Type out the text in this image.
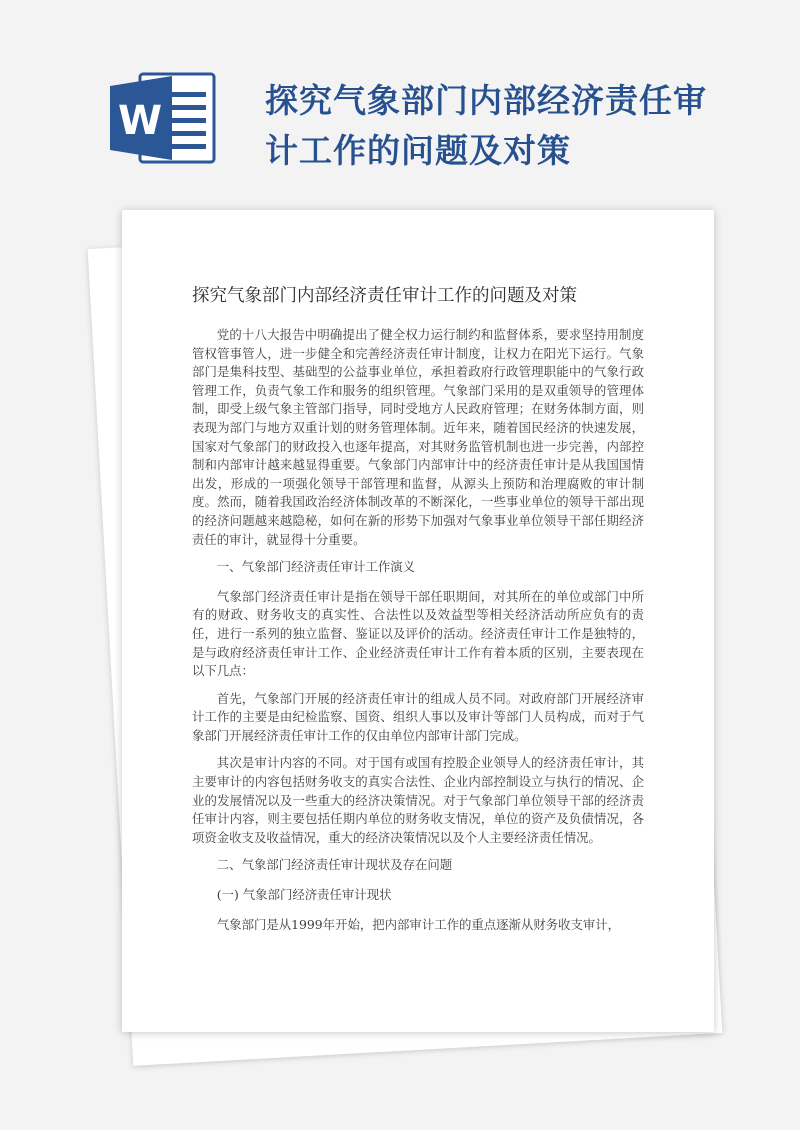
W	探究气象部门内部经济责任审
计工作的问题及对策
探究气象部门内部经济责任审计工作的问题及对策

党的十八大报告中明确提出了健全权力运行制约和监督体系，要求坚持用制度管权管事管人，进一步健全和完善经济责任审计制度，让权力在阳光下运行。气象部门是集科技型、基础型的公益事业单位，承担着政府行政管理职能中的气象行政管理工作，负责气象工作和服务的组织管理。气象部门采用的是双重领导的管理体制，即受上级气象主管部门指导，同时受地方人民政府管理；在财务体制方面，则表现为部门与地方双重计划的财务管理体制。近年来，随着国民经济的快速发展，国家对气象部门的财政投入也逐年提高，对其财务监管机制也进一步完善，内部控制和内部审计越来越显得重要。气象部门内部审计中的经济责任审计是从我国国情出发，形成的一项强化领导干部管理和监督，从源头上预防和治理腐败的审计制度。然而，随着我国政治经济体制改革的不断深化，一些事业单位的领导干部出现的经济问题越来越隐秘，如何在新的形势下加强对气象事业单位领导干部任期经济责任的审计，就显得十分重要。

一、气象部门经济责任审计工作演义

气象部门经济责任审计是指在领导干部任职期间，对其所在的单位或部门中所有的财政、财务收支的真实性、合法性以及效益型等相关经济活动所应负有的责任，进行一系列的独立监督、鉴证以及评价的活动。经济责任审计工作是独特的，是与政府经济责任审计工作、企业经济责任审计工作有着本质的区别，主要表现在以下几点：

首先，气象部门开展的经济责任审计的组成人员不同。对政府部门开展经济审计工作的主要是由纪检监察、国资、组织人事以及审计等部门人员构成，而对于气象部门开展经济责任审计工作的仅由单位内部审计部门完成。

其次是审计内容的不同。对于国有或国有控股企业领导人的经济责任审计，其主要审计的内容包括财务收支的真实合法性、企业内部控制设立与执行的情况、企业的发展情况以及一些重大的经济决策情况。对于气象部门单位领导干部的经济责任审计内容，则主要包括任期内单位的财务收支情况，单位的资产及负债情况，各项资金收支及收益情况，重大的经济决策情况以及个人主要经济责任情况。

二、气象部门经济责任审计现状及存在问题

(一) 气象部门经济责任审计现状

气象部门是从1999年开始，把内部审计工作的重点逐渐从财务收支审计，
